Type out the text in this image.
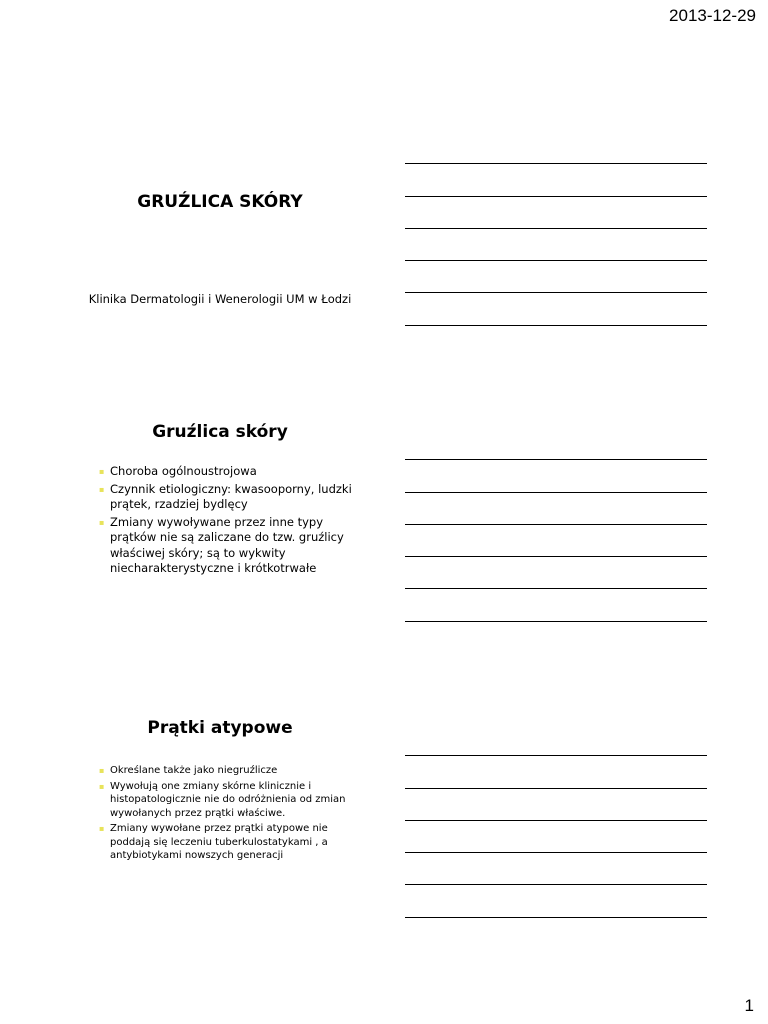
2013-12-29
GRUŹLICA SKÓRY
Klinika Dermatologii i Wenerologii UM w Łodzi
Gruźlica skóry
▪ Choroba ogólnoustrojowa
▪ Czynnik etiologiczny: kwasooporny, ludzki prątek, rzadziej bydlęcy
▪ Zmiany wywoływane przez inne typy prątków nie są zaliczane do tzw. gruźlicy właściwej skóry; są to wykwity niecharakterystyczne i krótkotrwałe
Prątki atypowe
▪ Określane także jako niegruźlicze
▪ Wywołują one zmiany skórne klinicznie i histopatologicznie nie do odróżnienia od zmian wywołanych przez prątki właściwe.
▪ Zmiany wywołane przez prątki atypowe nie poddają się leczeniu tuberkulostatykami , a antybiotykami nowszych generacji
1
